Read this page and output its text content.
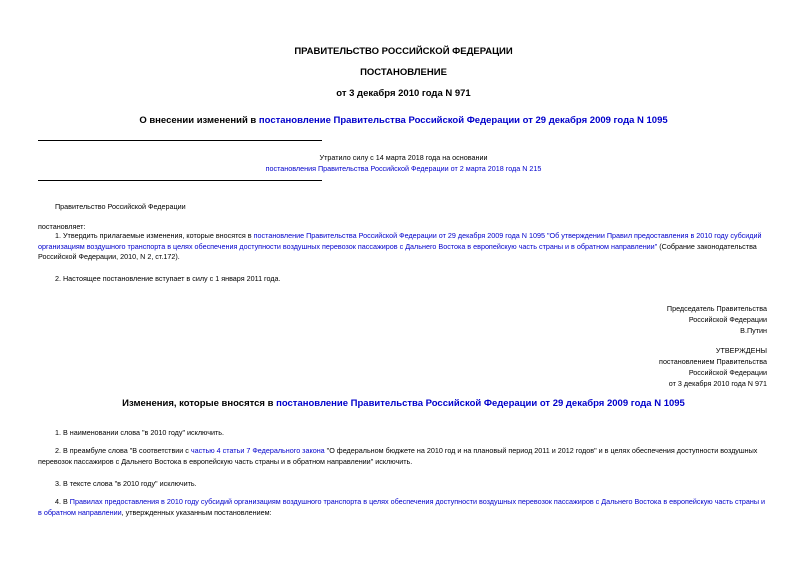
ПРАВИТЕЛЬСТВО РОССИЙСКОЙ ФЕДЕРАЦИИ
ПОСТАНОВЛЕНИЕ
от 3 декабря 2010 года N 971
О внесении изменений в постановление Правительства Российской Федерации от 29 декабря 2009 года N 1095
Утратило силу с 14 марта 2018 года на основании
постановления Правительства Российской Федерации от 2 марта 2018 года N 215
Правительство Российской Федерации
постановляет:
1. Утвердить прилагаемые изменения, которые вносятся в постановление Правительства Российской Федерации от 29 декабря 2009 года N 1095 "Об утверждении Правил предоставления в 2010 году субсидий организациям воздушного транспорта в целях обеспечения доступности воздушных перевозок пассажиров с Дальнего Востока в европейскую часть страны и в обратном направлении" (Собрание законодательства Российской Федерации, 2010, N 2, ст.172).
2. Настоящее постановление вступает в силу с 1 января 2011 года.
Председатель Правительства
Российской Федерации
В.Путин
УТВЕРЖДЕНЫ
постановлением Правительства
Российской Федерации
от 3 декабря 2010 года N 971
Изменения, которые вносятся в постановление Правительства Российской Федерации от 29 декабря 2009 года N 1095
1. В наименовании слова "в 2010 году" исключить.
2. В преамбуле слова "В соответствии с частью 4 статьи 7 Федерального закона "О федеральном бюджете на 2010 год и на плановый период 2011 и 2012 годов" и в целях обеспечения доступности воздушных перевозок пассажиров с Дальнего Востока в европейскую часть страны и в обратном направлении" исключить.
3. В тексте слова "в 2010 году" исключить.
4. В Правилах предоставления в 2010 году субсидий организациям воздушного транспорта в целях обеспечения доступности воздушных перевозок пассажиров с Дальнего Востока в европейскую часть страны и в обратном направлении, утвержденных указанным постановлением:
